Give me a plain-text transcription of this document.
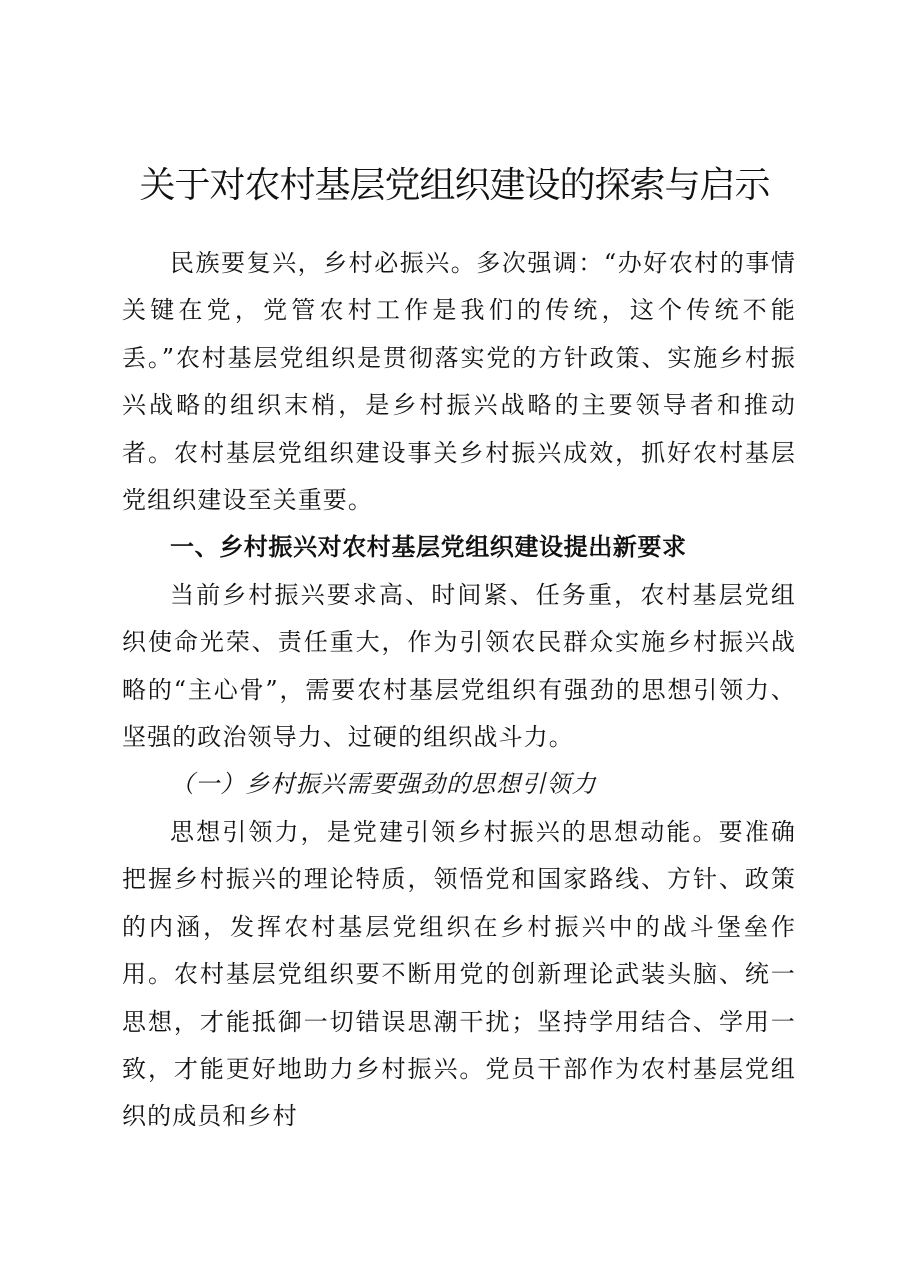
关于对农村基层党组织建设的探索与启示

民族要复兴，乡村必振兴。多次强调：“办好农村的事情关键在党，党管农村工作是我们的传统，这个传统不能丢。”农村基层党组织是贯彻落实党的方针政策、实施乡村振兴战略的组织末梢，是乡村振兴战略的主要领导者和推动者。农村基层党组织建设事关乡村振兴成效，抓好农村基层党组织建设至关重要。

一、乡村振兴对农村基层党组织建设提出新要求

当前乡村振兴要求高、时间紧、任务重，农村基层党组织使命光荣、责任重大，作为引领农民群众实施乡村振兴战略的“主心骨”，需要农村基层党组织有强劲的思想引领力、坚强的政治领导力、过硬的组织战斗力。

（一）乡村振兴需要强劲的思想引领力

思想引领力，是党建引领乡村振兴的思想动能。要准确把握乡村振兴的理论特质，领悟党和国家路线、方针、政策的内涵，发挥农村基层党组织在乡村振兴中的战斗堡垒作用。农村基层党组织要不断用党的创新理论武装头脑、统一思想，才能抵御一切错误思潮干扰；坚持学用结合、学用一致，才能更好地助力乡村振兴。党员干部作为农村基层党组织的成员和乡村
